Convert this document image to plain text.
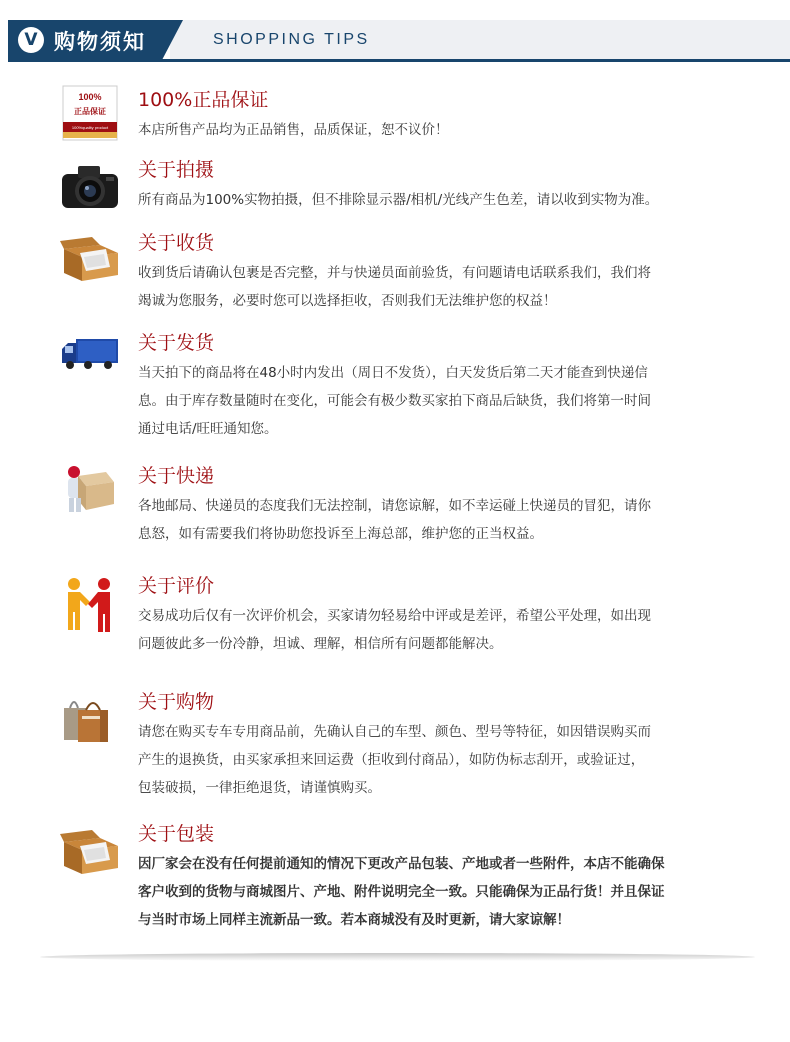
V 购物须知	SHOPPING TIPS
100%
正品保证
100%quality product
100%正品保证
本店所售产品均为正品销售，品质保证，恕不议价！
关于拍摄
所有商品为100%实物拍摄，但不排除显示器/相机/光线产生色差，请以收到实物为准。
关于收货
收到货后请确认包裹是否完整，并与快递员面前验货，有问题请电话联系我们，我们将
竭诚为您服务，必要时您可以选择拒收，否则我们无法维护您的权益！
关于发货
当天拍下的商品将在48小时内发出（周日不发货），白天发货后第二天才能查到快递信
息。由于库存数量随时在变化，可能会有极少数买家拍下商品后缺货，我们将第一时间
通过电话/旺旺通知您。
关于快递
各地邮局、快递员的态度我们无法控制，请您谅解，如不幸运碰上快递员的冒犯，请你
息怒，如有需要我们将协助您投诉至上海总部，维护您的正当权益。
关于评价
交易成功后仅有一次评价机会，买家请勿轻易给中评或是差评，希望公平处理，如出现
问题彼此多一份冷静，坦诚、理解，相信所有问题都能解决。
关于购物
请您在购买专车专用商品前，先确认自己的车型、颜色、型号等特征，如因错误购买而
产生的退换货，由买家承担来回运费（拒收到付商品），如防伪标志刮开，或验证过，
包装破损，一律拒绝退货，请谨慎购买。
关于包装
因厂家会在没有任何提前通知的情况下更改产品包装、产地或者一些附件，本店不能确保
客户收到的货物与商城图片、产地、附件说明完全一致。只能确保为正品行货！并且保证
与当时市场上同样主流新品一致。若本商城没有及时更新，请大家谅解！
